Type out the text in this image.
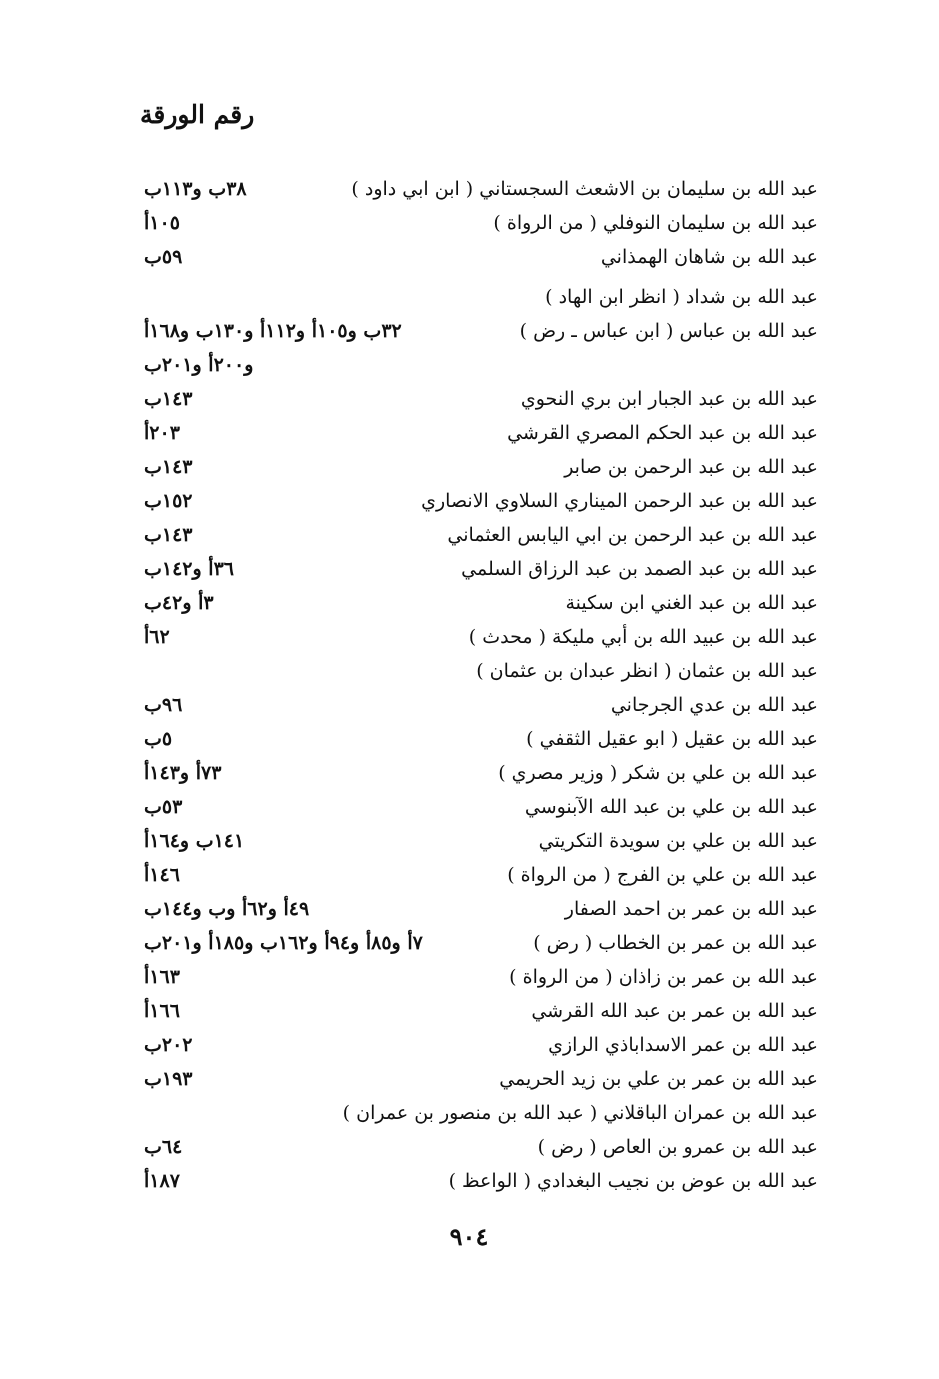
رقم الورقة
عبد الله بن سليمان بن الاشعث السجستاني ( ابن ابي داود )
٣٨ب و١١٣ب
عبد الله بن سليمان النوفلي ( من الرواة )
١٠٥أ
عبد الله بن شاهان الهمذاني
٥٩ب
عبد الله بن شداد ( انظر ابن الهاد )
عبد الله بن عباس ( ابن عباس ـ رض )
٣٢ب و١٠٥أ و١١٢أ و١٣٠ب و١٦٨أ
و٢٠٠أ و٢٠١ب
عبد الله بن عبد الجبار ابن بري النحوي
١٤٣ب
عبد الله بن عبد الحكم المصري القرشي
٢٠٣أ
عبد الله بن عبد الرحمن بن صابر
١٤٣ب
عبد الله بن عبد الرحمن الميناري السلاوي الانصاري
١٥٢ب
عبد الله بن عبد الرحمن بن ابي اليابس العثماني
١٤٣ب
عبد الله بن عبد الصمد بن عبد الرزاق السلمي
٣٦أ و١٤٢ب
عبد الله بن عبد الغني ابن سكينة
٣أ و٤٢ب
عبد الله بن عبيد الله بن أبي مليكة ( محدث )
٦٢أ
عبد الله بن عثمان ( انظر عبدان بن عثمان )
عبد الله بن عدي الجرجاني
٩٦ب
عبد الله بن عقيل ( ابو عقيل الثقفي )
٥ب
عبد الله بن علي بن شكر ( وزير مصري )
٧٣أ و١٤٣أ
عبد الله بن علي بن عبد الله الآبنوسي
٥٣ب
عبد الله بن علي بن سويدة التكريتي
١٤١ب و١٦٤أ
عبد الله بن علي بن الفرج ( من الرواة )
١٤٦أ
عبد الله بن عمر بن احمد الصفار
٤٩أ و٦٢أ وب و١٤٤ب
عبد الله بن عمر بن الخطاب ( رض )
٧أ و٨٥أ و٩٤أ و١٦٢ب و١٨٥أ و٢٠١ب
عبد الله بن عمر بن زاذان ( من الرواة )
١٦٣أ
عبد الله بن عمر بن عبد الله القرشي
١٦٦أ
عبد الله بن عمر الاسداباذي الرازي
٢٠٢ب
عبد الله بن عمر بن علي بن زيد الحريمي
١٩٣ب
عبد الله بن عمران الباقلاني ( عبد الله بن منصور بن عمران )
عبد الله بن عمرو بن العاص ( رض )
٦٤ب
عبد الله بن عوض بن نجيب البغدادي ( الواعظ )
١٨٧أ
٩٠٤
